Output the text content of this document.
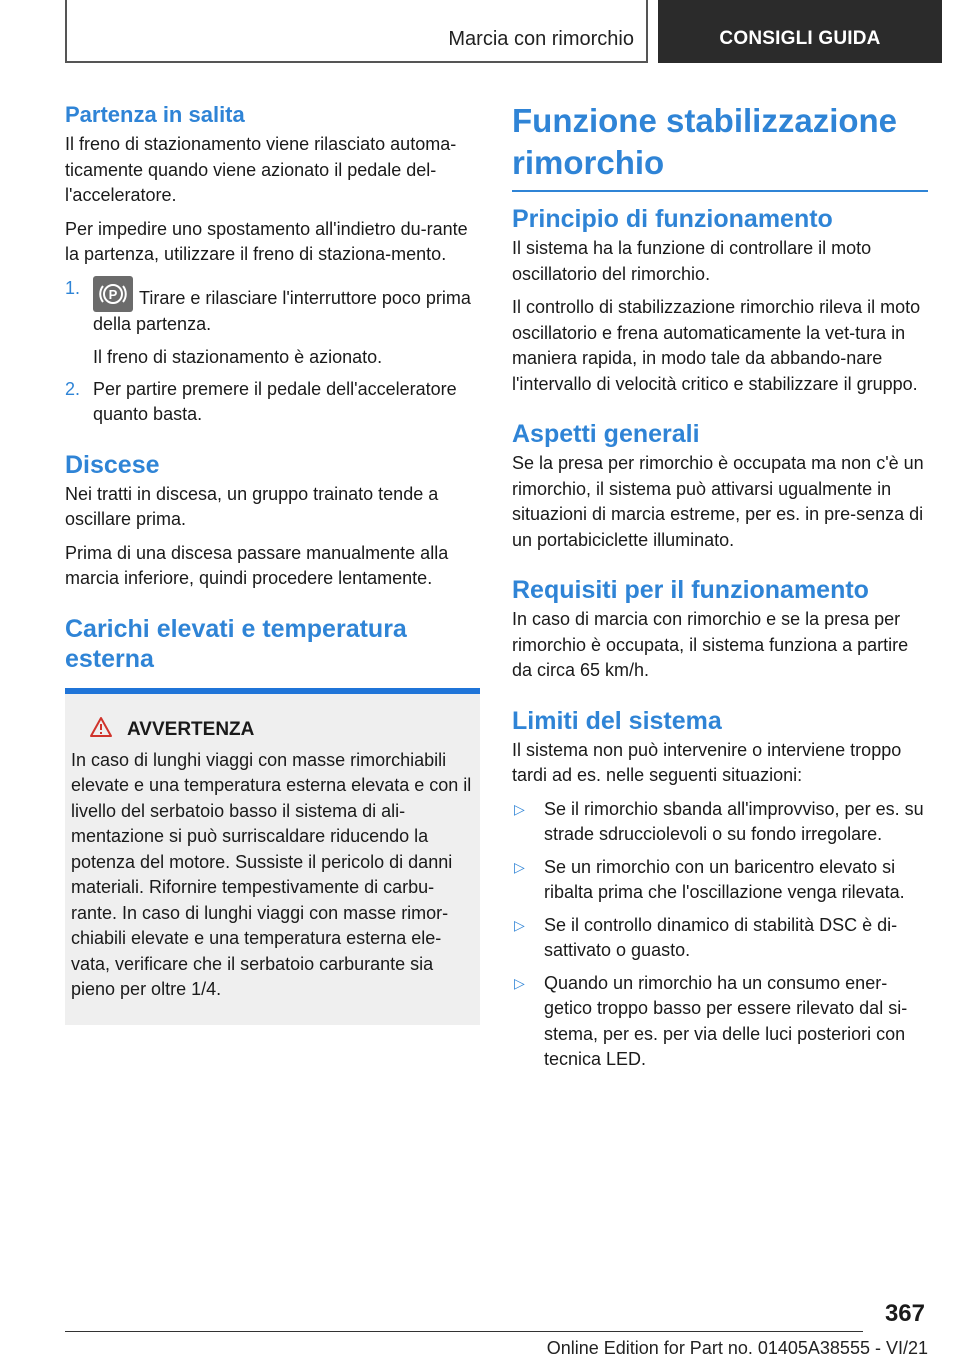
Marcia con rimorchio	CONSIGLI GUIDA
Partenza in salita

Il freno di stazionamento viene rilasciato automa-ticamente quando viene azionato il pedale del-l'acceleratore.

Per impedire uno spostamento all'indietro du-rante la partenza, utilizzare il freno di staziona-mento.

1.	P Tirare e rilasciare l'interruttore poco prima della partenza.
Il freno di stazionamento è azionato.
2. Per partire premere il pedale dell'acceleratore quanto basta.
Discese

Nei tratti in discesa, un gruppo trainato tende a oscillare prima.

Prima di una discesa passare manualmente alla marcia inferiore, quindi procedere lentamente.

Carichi elevati e temperatura esterna
AVVERTENZA

In caso di lunghi viaggi con masse rimorchiabili elevate e una temperatura esterna elevata e con il livello del serbatoio basso il sistema di ali-mentazione si può surriscaldare riducendo la potenza del motore. Sussiste il pericolo di danni materiali. Rifornire tempestivamente di carbu-rante. In caso di lunghi viaggi con masse rimor-chiabili elevate e una temperatura esterna ele-vata, verificare che il serbatoio carburante sia pieno per oltre 1/4.

Funzione stabilizzazione rimorchio
Principio di funzionamento

Il sistema ha la funzione di controllare il moto oscillatorio del rimorchio.

Il controllo di stabilizzazione rimorchio rileva il moto oscillatorio e frena automaticamente la vet-tura in maniera rapida, in modo tale da abbando-nare l'intervallo di velocità critico e stabilizzare il gruppo.

Aspetti generali

Se la presa per rimorchio è occupata ma non c'è un rimorchio, il sistema può attivarsi ugualmente in situazioni di marcia estreme, per es. in pre-senza di un portabiciclette illuminato.

Requisiti per il funzionamento

In caso di marcia con rimorchio e se la presa per rimorchio è occupata, il sistema funziona a partire da circa 65 km/h.

Limiti del sistema

Il sistema non può intervenire o interviene troppo tardi ad es. nelle seguenti situazioni:

▷	Se il rimorchio sbanda all'improvviso, per es. su strade sdrucciolevoli o su fondo irregolare.
▷	Se un rimorchio con un baricentro elevato si ribalta prima che l'oscillazione venga rilevata.
▷	Se il controllo dinamico di stabilità DSC è di-sattivato o guasto.
▷	Quando un rimorchio ha un consumo ener-getico troppo basso per essere rilevato dal si-stema, per es. per via delle luci posteriori con tecnica LED.
367
Online Edition for Part no. 01405A38555 - VI/21
